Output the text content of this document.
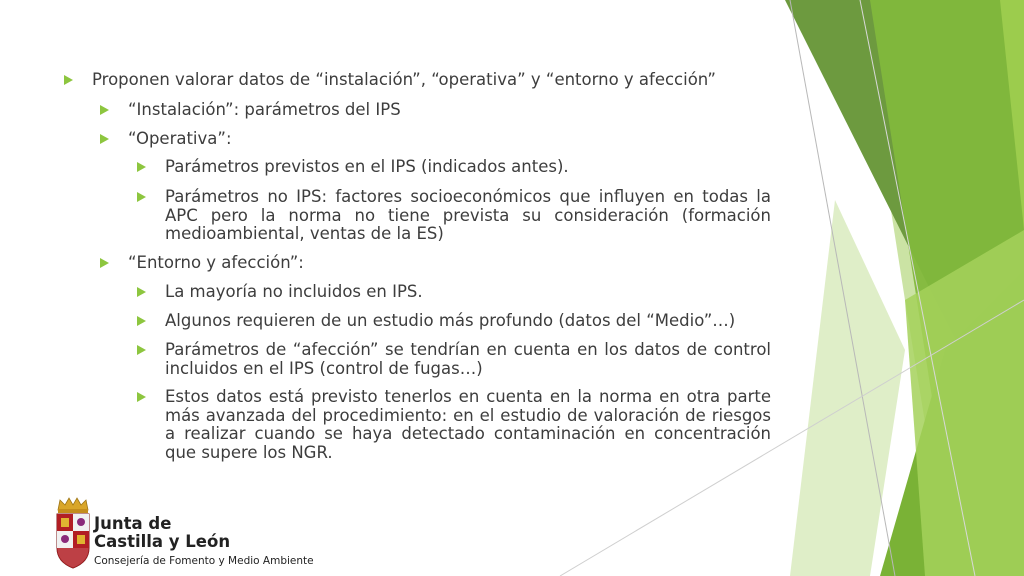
Proponen valorar datos de “instalación”, “operativa” y “entorno y afección”
“Instalación”: parámetros del IPS
“Operativa”:
Parámetros previstos en el IPS (indicados antes).
Parámetros no IPS: factores socioeconómicos que influyen en todas la APC pero la norma no tiene prevista su consideración (formación medioambiental, ventas de la ES)
“Entorno y afección”:
La mayoría no incluidos en IPS.
Algunos requieren de un estudio más profundo (datos del “Medio”…)
Parámetros de “afección” se tendrían en cuenta en los datos de control incluidos en el IPS (control de fugas…)
Estos datos está previsto tenerlos en cuenta en la norma en otra parte más avanzada del procedimiento: en el estudio de valoración de riesgos a realizar cuando se haya detectado contaminación en concentración que supere los NGR.
Junta de
Castilla y León
Consejería de Fomento y Medio Ambiente
